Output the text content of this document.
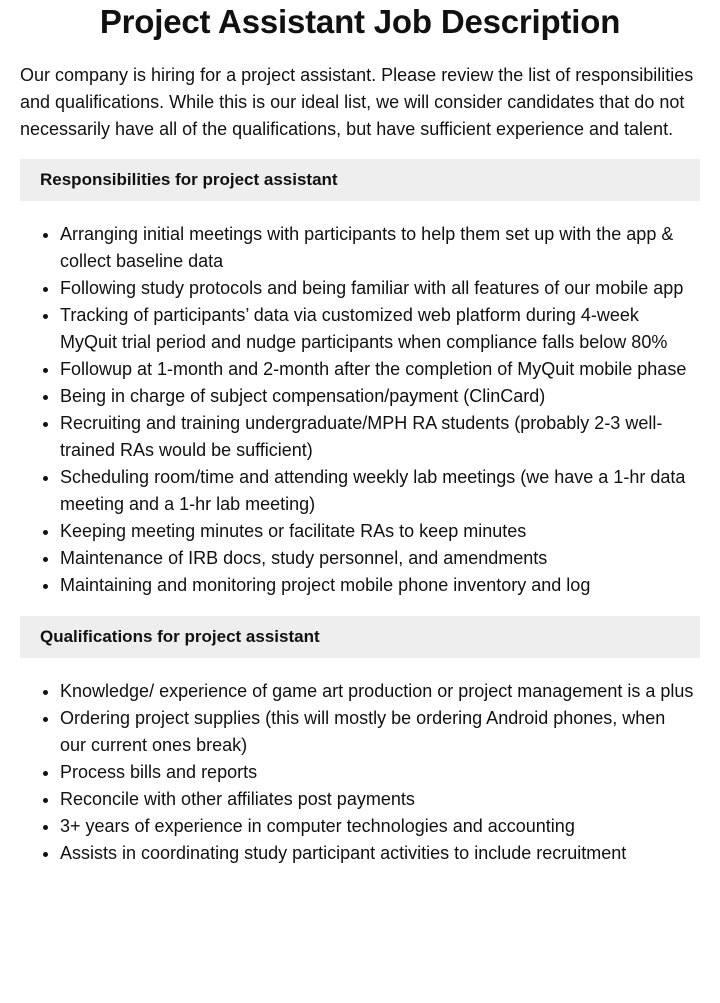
Project Assistant Job Description

Our company is hiring for a project assistant. Please review the list of responsibilities and qualifications. While this is our ideal list, we will consider candidates that do not necessarily have all of the qualifications, but have sufficient experience and talent.

Responsibilities for project assistant
Arranging initial meetings with participants to help them set up with the app & collect baseline data
Following study protocols and being familiar with all features of our mobile app
Tracking of participants’ data via customized web platform during 4-week MyQuit trial period and nudge participants when compliance falls below 80%
Followup at 1-month and 2-month after the completion of MyQuit mobile phase
Being in charge of subject compensation/payment (ClinCard)
Recruiting and training undergraduate/MPH RA students (probably 2-3 well-trained RAs would be sufficient)
Scheduling room/time and attending weekly lab meetings (we have a 1-hr data meeting and a 1-hr lab meeting)
Keeping meeting minutes or facilitate RAs to keep minutes
Maintenance of IRB docs, study personnel, and amendments
Maintaining and monitoring project mobile phone inventory and log
Qualifications for project assistant
Knowledge/ experience of game art production or project management is a plus
Ordering project supplies (this will mostly be ordering Android phones, when our current ones break)
Process bills and reports
Reconcile with other affiliates post payments
3+ years of experience in computer technologies and accounting
Assists in coordinating study participant activities to include recruitment
